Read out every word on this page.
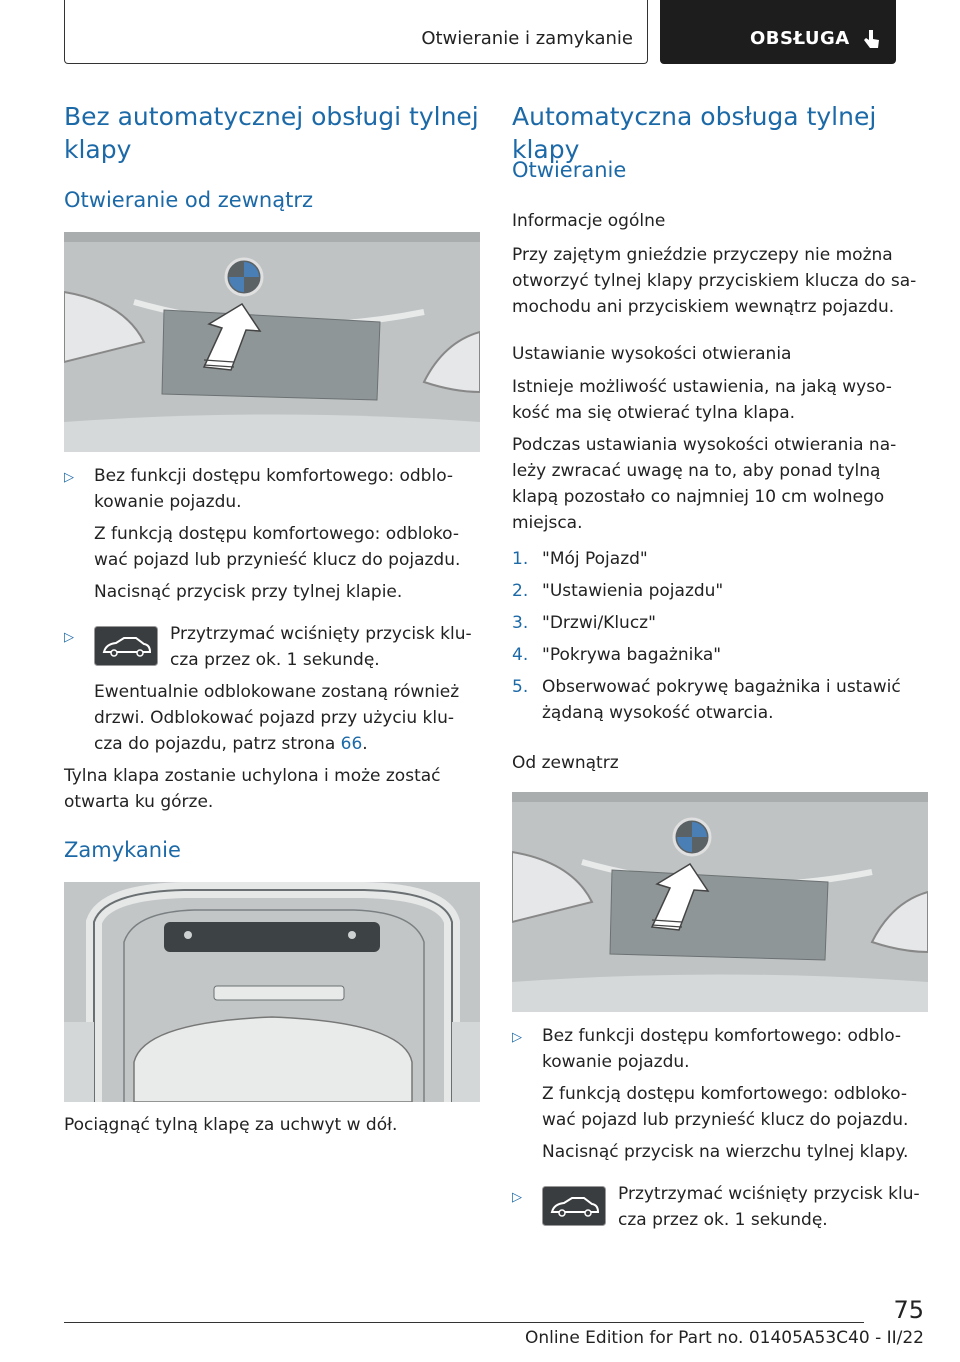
Otwieranie i zamykanie	OBSŁUGA
Bez automatycznej obsługi tylnej
klapy
Otwieranie od zewnątrz
▷ Bez funkcji dostępu komfortowego: odblo-

kowanie pojazdu.

Z funkcją dostępu komfortowego: odbloko-

wać pojazd lub przynieść klucz do pojazdu.

Nacisnąć przycisk przy tylnej klapie.

▷	Przytrzymać wciśnięty przycisk klu-

cza przez ok. 1 sekundę.

Ewentualnie odblokowane zostaną również

drzwi. Odblokować pojazd przy użyciu klu-

cza do pojazdu, patrz strona 66.

Tylna klapa zostanie uchylona i może zostać

otwarta ku górze.

Zamykanie

Pociągnąć tylną klapę za uchwyt w dół.

Automatyczna obsługa tylnej klapy
Otwieranie
Informacje ogólne

Przy zajętym gnieździe przyczepy nie można

otworzyć tylnej klapy przyciskiem klucza do sa-

mochodu ani przyciskiem wewnątrz pojazdu.

Ustawianie wysokości otwierania

Istnieje możliwość ustawienia, na jaką wyso-

kość ma się otwierać tylna klapa.

Podczas ustawiania wysokości otwierania na-

leży zwracać uwagę na to, aby ponad tylną

klapą pozostało co najmniej 10 cm wolnego

miejsca.

1. "Mój Pojazd"

2. "Ustawienia pojazdu"

3. "Drzwi/Klucz"

4. "Pokrywa bagażnika"

5. Obserwować pokrywę bagażnika i ustawić

żądaną wysokość otwarcia.

Od zewnątrz
▷ Bez funkcji dostępu komfortowego: odblo-

kowanie pojazdu.

Z funkcją dostępu komfortowego: odbloko-

wać pojazd lub przynieść klucz do pojazdu.

Nacisnąć przycisk na wierzchu tylnej klapy.

▷	Przytrzymać wciśnięty przycisk klu-

cza przez ok. 1 sekundę.

75
Online Edition for Part no. 01405A53C40 - II/22
